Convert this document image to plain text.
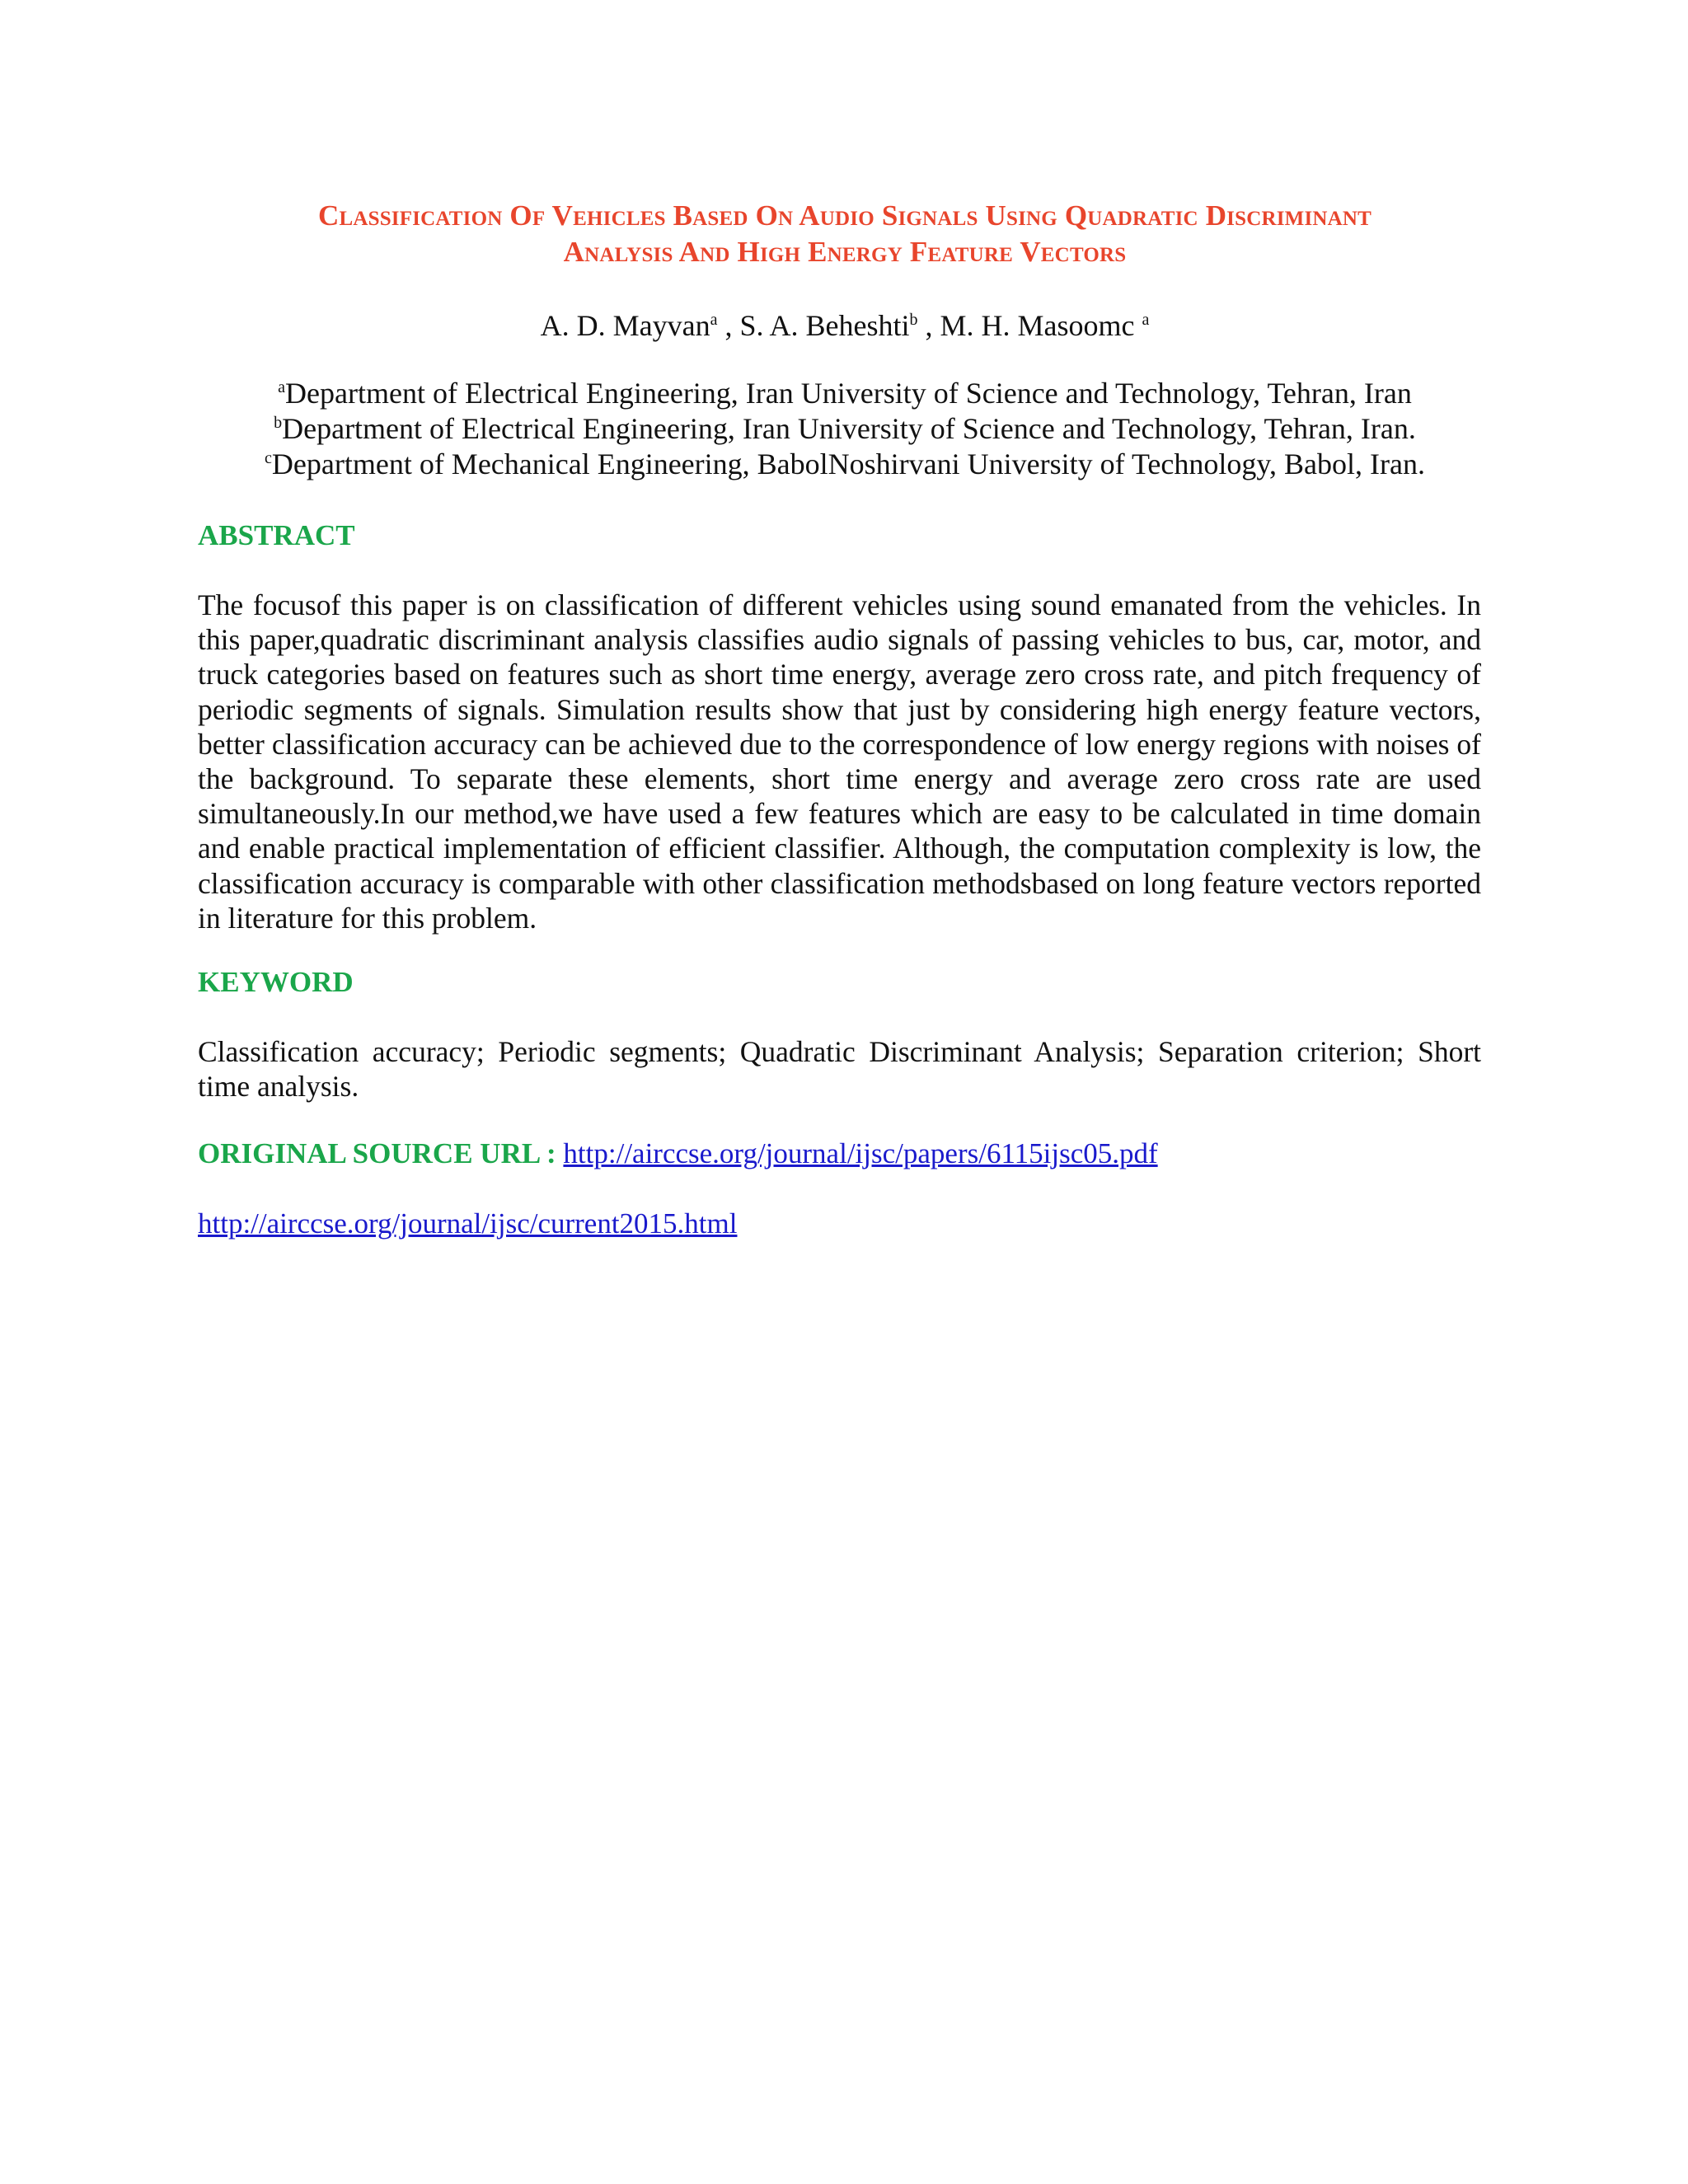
Classification Of Vehicles Based On Audio Signals Using Quadratic Discriminant
Analysis And High Energy Feature Vectors
A. D. Mayvan$^a$ , S. A. Beheshti$^b$ , M. H. Masoomc $^a$
$^a$Department of Electrical Engineering, Iran University of Science and Technology, Tehran, Iran
$^b$Department of Electrical Engineering, Iran University of Science and Technology, Tehran, Iran.
$^c$Department of Mechanical Engineering, BabolNoshirvani University of Technology, Babol, Iran.
ABSTRACT
The focusof this paper is on classification of different vehicles using sound emanated from the vehicles. In this paper,quadratic discriminant analysis classifies audio signals of passing vehicles to bus, car, motor, and truck categories based on features such as short time energy, average zero cross rate, and pitch frequency of periodic segments of signals. Simulation results show that just by considering high energy feature vectors, better classification accuracy can be achieved due to the correspondence of low energy regions with noises of the background. To separate these elements, short time energy and average zero cross rate are used simultaneously.In our method,we have used a few features which are easy to be calculated in time domain and enable practical implementation of efficient classifier. Although, the computation complexity is low, the classification accuracy is comparable with other classification methodsbased on long feature vectors reported in literature for this problem.
KEYWORD
Classification accuracy; Periodic segments; Quadratic Discriminant Analysis; Separation criterion; Short time analysis.
ORIGINAL SOURCE URL : http://airccse.org/journal/ijsc/papers/6115ijsc05.pdf
http://airccse.org/journal/ijsc/current2015.html
